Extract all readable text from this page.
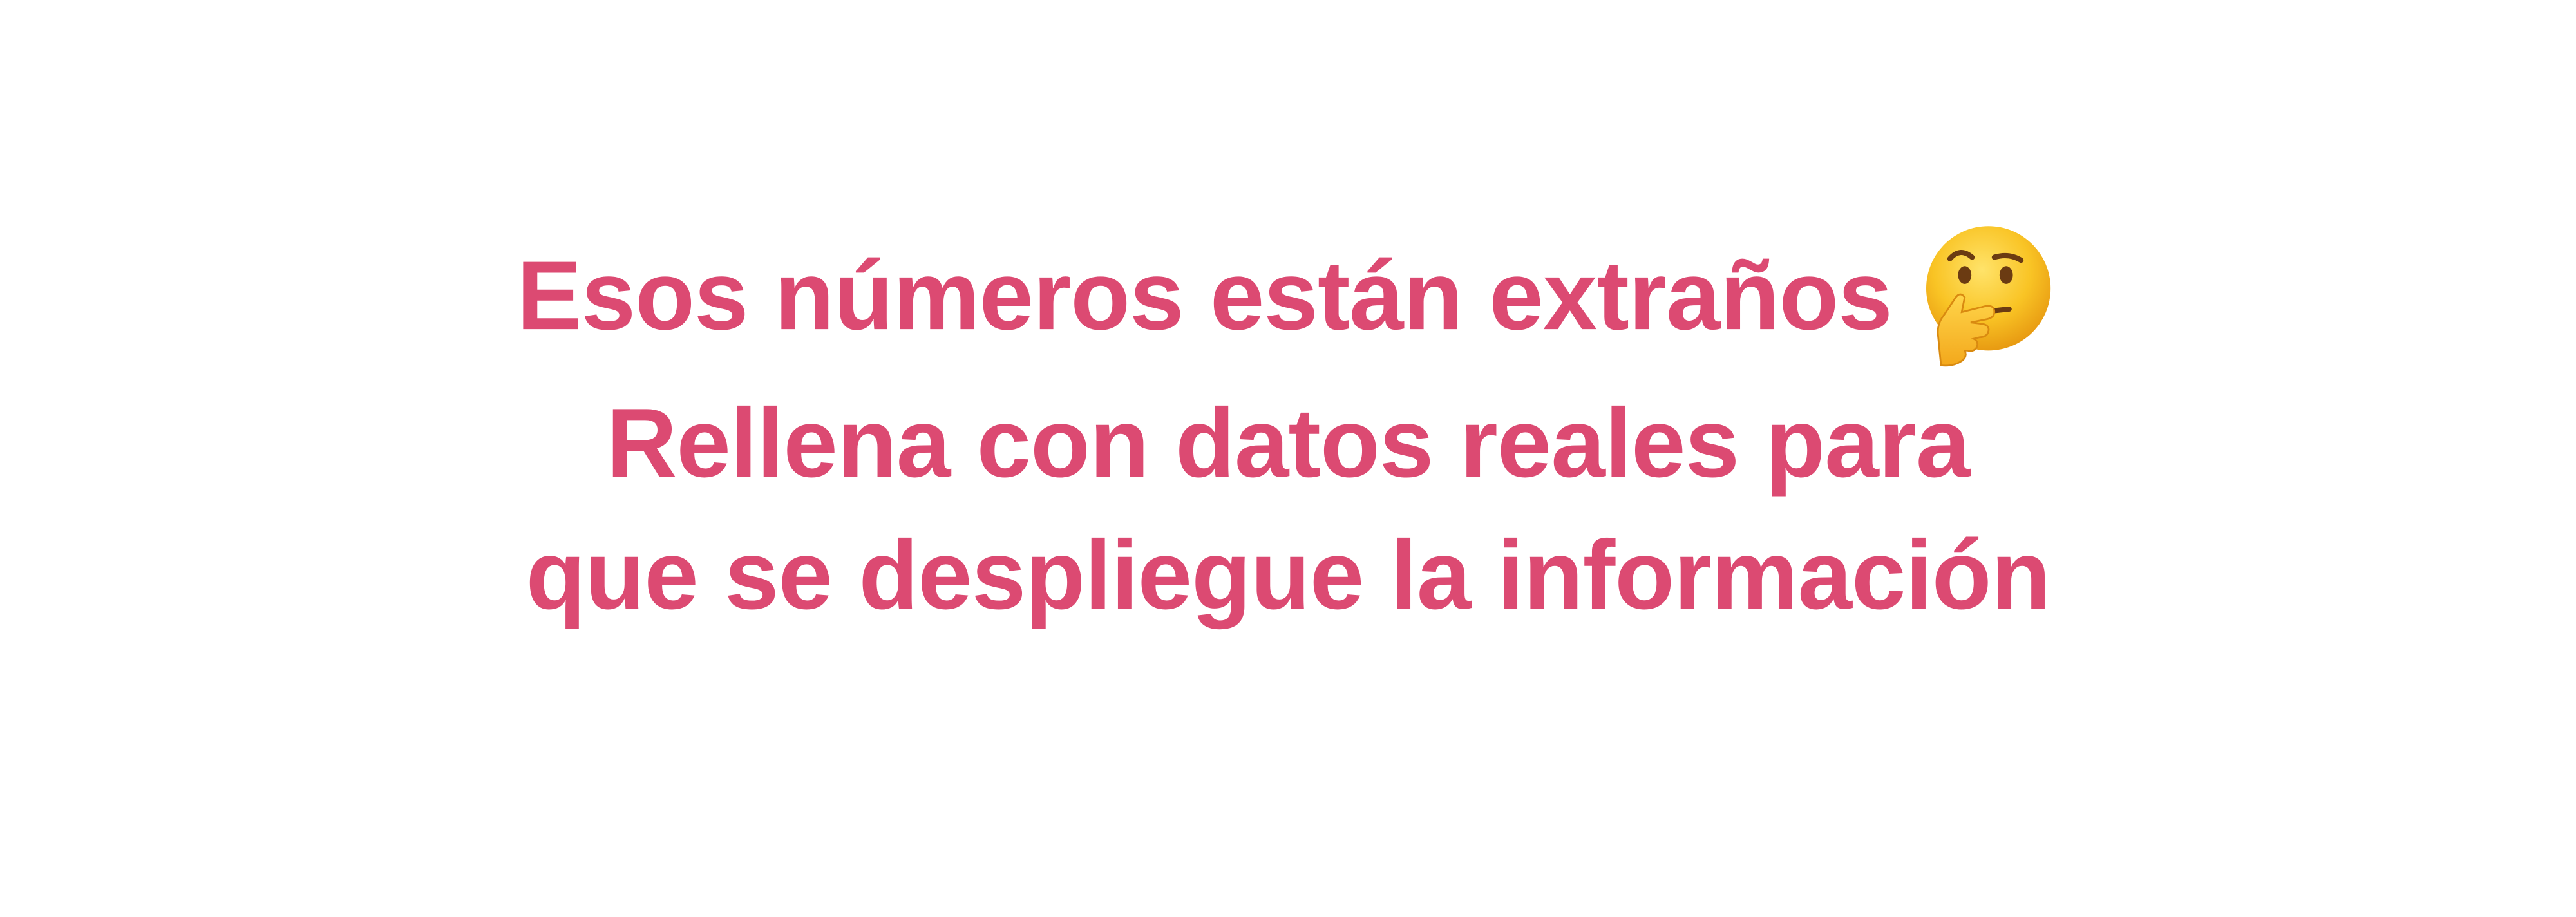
Esos números están extraños
Rellena con datos reales para
que se despliegue la información
